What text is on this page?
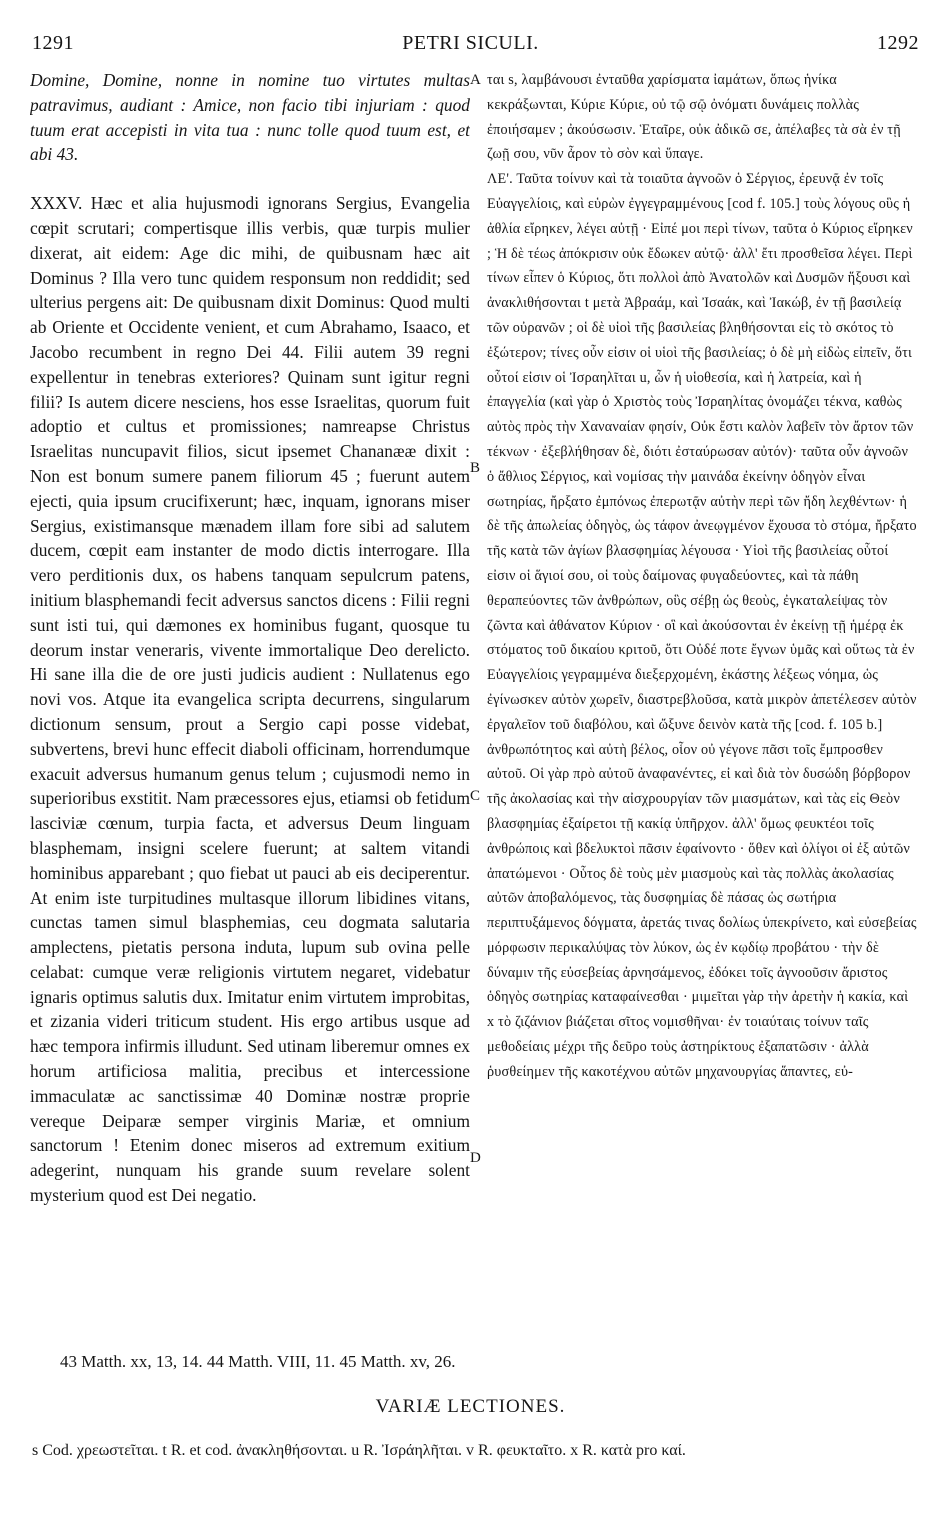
1291	PETRI SICULI.	1292

Domine, Domine, nonne in nomine tuo virtutes multas patravimus, audiant : Amice, non facio tibi injuriam : quod tuum erat accepisti in vita tua : nunc tolle quod tuum est, et abi 43.

XXXV. Hæc et alia hujusmodi ignorans Sergius, Evangelia cœpit scrutari; compertisque illis verbis, quæ turpis mulier dixerat, ait eidem: Age dic mihi, de quibusnam hæc ait Dominus ? Illa vero tunc quidem responsum non reddidit; sed ulterius pergens ait: De quibusnam dixit Dominus: Quod multi ab Oriente et Occidente venient, et cum Abrahamo, Isaaco, et Jacobo recumbent in regno Dei 44. Filii autem 39 regni expellentur in tenebras exteriores? Quinam sunt igitur regni filii? Is autem dicere nesciens, hos esse Israelitas, quorum fuit adoptio et cultus et promissiones; namreapse Christus Israelitas nuncupavit filios, sicut ipsemet Chananææ dixit : Non est bonum sumere panem filiorum 45 ; fuerunt autem ejecti, quia ipsum crucifixerunt; hæc, inquam, ignorans miser Sergius, existimansque mænadem illam fore sibi ad salutem ducem, cœpit eam instanter de modo dictis interrogare. Illa vero perditionis dux, os habens tanquam sepulcrum patens, initium blasphemandi fecit adversus sanctos dicens : Filii regni sunt isti tui, qui dæmones ex hominibus fugant, quosque tu deorum instar veneraris, vivente immortalique Deo derelicto. Hi sane illa die de ore justi judicis audient : Nullatenus ego novi vos. Atque ita evangelica scripta decurrens, singularum dictionum sensum, prout a Sergio capi posse videbat, subvertens, brevi hunc effecit diaboli officinam, horrendumque exacuit adversus humanum genus telum ; cujusmodi nemo in superioribus exstitit. Nam præcessores ejus, etiamsi ob fetidum lasciviæ cœnum, turpia facta, et adversus Deum linguam blasphemam, insigni scelere fuerunt; at saltem vitandi hominibus apparebant ; quo fiebat ut pauci ab eis deciperentur. At enim iste turpitudines multasque illorum libidines vitans, cunctas tamen simul blasphemias, ceu dogmata salutaria amplectens, pietatis persona induta, lupum sub ovina pelle celabat: cumque veræ religionis virtutem negaret, videbatur ignaris optimus salutis dux. Imitatur enim virtutem improbitas, et zizania videri triticum student. His ergo artibus usque ad hæc tempora infirmis illudunt. Sed utinam liberemur omnes ex horum artificiosa malitia, precibus et intercessione immaculatæ ac sanctissimæ 40 Dominæ nostræ proprie vereque Deiparæ semper virginis Mariæ, et omnium sanctorum ! Etenim donec miseros ad extremum exitium adegerint, nunquam his grande suum revelare solent mysterium quod est Dei negatio.

A
B
C
D

ται s, λαμβάνουσι ἐνταῦθα χαρίσματα ἰαμάτων, ὅπως ἡνίκα κεκράξωνται, Κύριε Κύριε, οὐ τῷ σῷ ὀνόματι δυνάμεις πολλὰς ἐποιήσαμεν ; ἀκούσωσιν. Ἑταῖρε, οὐκ ἀδικῶ σε, ἀπέλαβες τὰ σὰ ἐν τῇ ζωῇ σου, νῦν ἆρον τὸ σὸν καὶ ὕπαγε.

ΛΕ'. Ταῦτα τοίνυν καὶ τὰ τοιαῦτα ἀγνοῶν ὁ Σέργιος, ἐρευνᾷ ἐν τοῖς Εὐαγγελίοις, καὶ εὑρὼν ἐγγεγραμμένους [cod f. 105.] τοὺς λόγους οὓς ἡ ἀθλία εἴρηκεν, λέγει αὐτῇ · Εἰπέ μοι περὶ τίνων, ταῦτα ὁ Κύριος εἴρηκεν ; Ἡ δὲ τέως ἀπόκρισιν οὐκ ἔδωκεν αὐτῷ· ἀλλ' ἔτι προσθεῖσα λέγει. Περὶ τίνων εἶπεν ὁ Κύριος, ὅτι πολλοὶ ἀπὸ Ἀνατολῶν καὶ Δυσμῶν ἥξουσι καὶ ἀνακλιθήσονται t μετὰ Ἀβραάμ, καὶ Ἰσαάκ, καὶ Ἰακώβ, ἐν τῇ βασιλείᾳ τῶν οὐρανῶν ; οἱ δὲ υἱοὶ τῆς βασιλείας βληθήσονται εἰς τὸ σκότος τὸ ἐξώτερον; τίνες οὖν εἰσιν οἱ υἱοὶ τῆς βασιλείας; ὁ δὲ μὴ εἰδὼς εἰπεῖν, ὅτι οὗτοί εἰσιν οἱ Ἰσραηλῖται u, ὧν ἡ υἱοθεσία, καὶ ἡ λατρεία, καὶ ἡ ἐπαγγελία (καὶ γὰρ ὁ Χριστὸς τοὺς Ἰσραηλίτας ὀνομάζει τέκνα, καθὼς αὐτὸς πρὸς τὴν Χαναναίαν φησίν, Οὐκ ἔστι καλὸν λαβεῖν τὸν ἄρτον τῶν τέκνων · ἐξεβλήθησαν δὲ, διότι ἐσταύρωσαν αὐτόν)· ταῦτα οὖν ἀγνοῶν ὁ ἄθλιος Σέργιος, καὶ νομίσας τὴν μαινάδα ἐκείνην ὁδηγὸν εἶναι σωτηρίας, ἤρξατο ἐμπόνως ἐπερωτᾷν αὐτὴν περὶ τῶν ἤδη λεχθέντων· ἡ δὲ τῆς ἀπωλείας ὁδηγὸς, ὡς τάφον ἀνεῳγμένον ἔχουσα τὸ στόμα, ἤρξατο τῆς κατὰ τῶν ἁγίων βλασφημίας λέγουσα · Υἱοὶ τῆς βασιλείας οὗτοί εἰσιν οἱ ἅγιοί σου, οἱ τοὺς δαίμονας φυγαδεύοντες, καὶ τὰ πάθη θεραπεύοντες τῶν ἀνθρώπων, οὓς σέβῃ ὡς θεοὺς, ἐγκαταλείψας τὸν ζῶντα καὶ ἀθάνατον Κύριον · οἳ καὶ ἀκούσονται ἐν ἐκείνῃ τῇ ἡμέρᾳ ἐκ στόματος τοῦ δικαίου κριτοῦ, ὅτι Οὐδέ ποτε ἔγνων ὑμᾶς καὶ οὕτως τὰ ἐν Εὐαγγελίοις γεγραμμένα διεξερχομένη, ἑκάστης λέξεως νόημα, ὡς ἐγίνωσκεν αὐτὸν χωρεῖν, διαστρεβλοῦσα, κατὰ μικρὸν ἀπετέλεσεν αὐτὸν ἐργαλεῖον τοῦ διαβόλου, καὶ ὤξυνε δεινὸν κατὰ τῆς [cod. f. 105 b.] ἀνθρωπότητος καὶ αὐτὴ βέλος, οἷον οὐ γέγονε πᾶσι τοῖς ἔμπροσθεν αὐτοῦ. Οἱ γὰρ πρὸ αὐτοῦ ἀναφανέντες, εἰ καὶ διὰ τὸν δυσώδη βόρβορον τῆς ἀκολασίας καὶ τὴν αἰσχρουργίαν τῶν μιασμάτων, καὶ τὰς εἰς Θεὸν βλασφημίας ἐξαίρετοι τῇ κακίᾳ ὑπῆρχον. ἀλλ' ὅμως φευκτέοι τοῖς ἀνθρώποις καὶ βδελυκτοὶ πᾶσιν ἐφαίνοντο · ὅθεν καὶ ὀλίγοι οἱ ἐξ αὐτῶν ἀπατώμενοι · Οὗτος δὲ τοὺς μὲν μιασμοὺς καὶ τὰς πολλὰς ἀκολασίας αὐτῶν ἀποβαλόμενος, τὰς δυσφημίας δὲ πάσας ὡς σωτήρια περιπτυξάμενος δόγματα, ἀρετάς τινας δολίως ὑπεκρίνετο, καὶ εὐσεβείας μόρφωσιν περικαλύψας τὸν λύκον, ὡς ἐν κῳδίῳ προβάτου · τὴν δὲ δύναμιν τῆς εὐσεβείας ἀρνησάμενος, ἐδόκει τοῖς ἀγνοοῦσιν ἄριστος ὁδηγὸς σωτηρίας καταφαίνεσθαι · μιμεῖται γὰρ τὴν ἀρετὴν ἡ κακία, καὶ x τὸ ζιζάνιον βιάζεται σῖτος νομισθῆναι· ἐν τοιαύταις τοίνυν ταῖς μεθοδείαις μέχρι τῆς δεῦρο τοὺς ἀστηρίκτους ἐξαπατῶσιν · ἀλλὰ ῥυσθείημεν τῆς κακοτέχνου αὐτῶν μηχανουργίας ἅπαντες, εὐ-

43 Matth. xx, 13, 14. 44 Matth. VIII, 11. 45 Matth. xv, 26.
VARIÆ LECTIONES.
s Cod. χρεωστεῖται. t R. et cod. ἀνακληθήσονται. u R. Ἰσράηλῆται. v R. φευκταῖτο. x R. κατὰ pro καί.
